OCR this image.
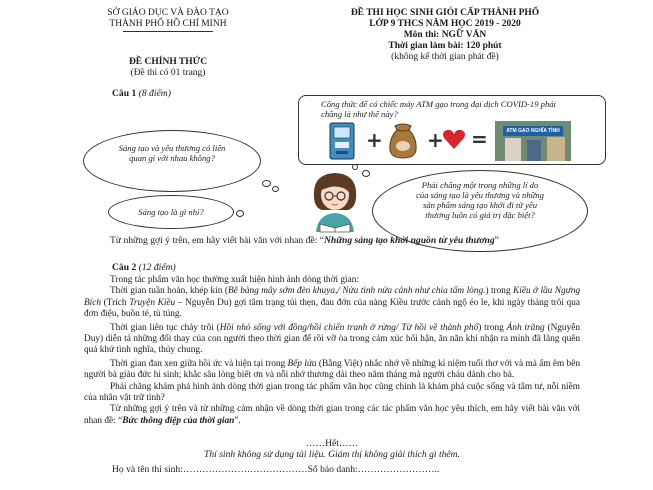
SỞ GIÁO DỤC VÀ ĐÀO TẠO
THÀNH PHỐ HỒ CHÍ MINH
ĐỀ CHÍNH THỨC
(Đề thi có 01 trang)
ĐỀ THI HỌC SINH GIỎI CẤP THÀNH PHỐ
LỚP 9 THCS NĂM HỌC 2019 - 2020
Môn thi: NGỮ VĂN
Thời gian làm bài: 120 phút
(không kể thời gian phát đề)
Câu 1 (8 điểm)
Công thức để có chiếc máy ATM gạo trong đại dịch COVID-19 phải chăng là như thế này?
+ + =	ATM GẠO NGHĨA TÌNH
Sáng tạo và yêu thương có liên quan gì với nhau không?
Sáng tạo là gì nhỉ?
Phải chăng một trong những lí do của sáng tạo là yêu thương và những sản phẩm sáng tạo khởi đi từ yêu thương luôn có giá trị đặc biệt?
Từ những gợi ý trên, em hãy viết bài văn với nhan đề: “Những sáng tạo khởi nguồn từ yêu thương”
Câu 2 (12 điểm)
Trong tác phẩm văn học thường xuất hiện hình ảnh dòng thời gian:
Thời gian tuần hoàn, khép kín (Bẽ bàng mây sớm đèn khuya,/ Nửa tình nửa cảnh như chia tấm lòng.) trong Kiều ở lầu Ngưng Bích (Trích Truyện Kiều – Nguyễn Du) gợi tâm trạng tủi thẹn, đau đớn của nàng Kiều trước cảnh ngộ éo le, khi ngày tháng trôi qua đơn điệu, buồn tẻ, tù túng.
Thời gian liên tục chảy trôi (Hồi nhỏ sống với đồng/hồi chiến tranh ở rừng/ Từ hồi về thành phố) trong Ánh trăng (Nguyễn Duy) diễn tả những đổi thay của con người theo thời gian để rồi vỡ òa trong cảm xúc hối hận, ăn năn khi nhận ra mình đã lãng quên quá khứ tình nghĩa, thủy chung.
Thời gian đan xen giữa hồi ức và hiện tại trong Bếp lửa (Bằng Việt) nhắc nhớ về những kỉ niệm tuổi thơ với và mà ấm êm bên người bà giàu đức hi sinh; khắc sâu lòng biết ơn và nỗi nhớ thương dài theo năm tháng mà người cháu dành cho bà.
Phải chăng khám phá hình ảnh dòng thời gian trong tác phẩm văn học cũng chính là khám phá cuộc sống và tâm tư, nỗi niềm của nhân vật trữ tình?
Từ những gợi ý trên và từ những cảm nhận về dòng thời gian trong các tác phẩm văn học yêu thích, em hãy viết bài văn với nhan đề: “Bức thông điệp của thời gian”.
……Hết……
Thí sinh không sử dụng tài liệu. Giám thị không giải thích gì thêm.
Họ và tên thí sinh:…………………………………Số báo danh:……………………..
